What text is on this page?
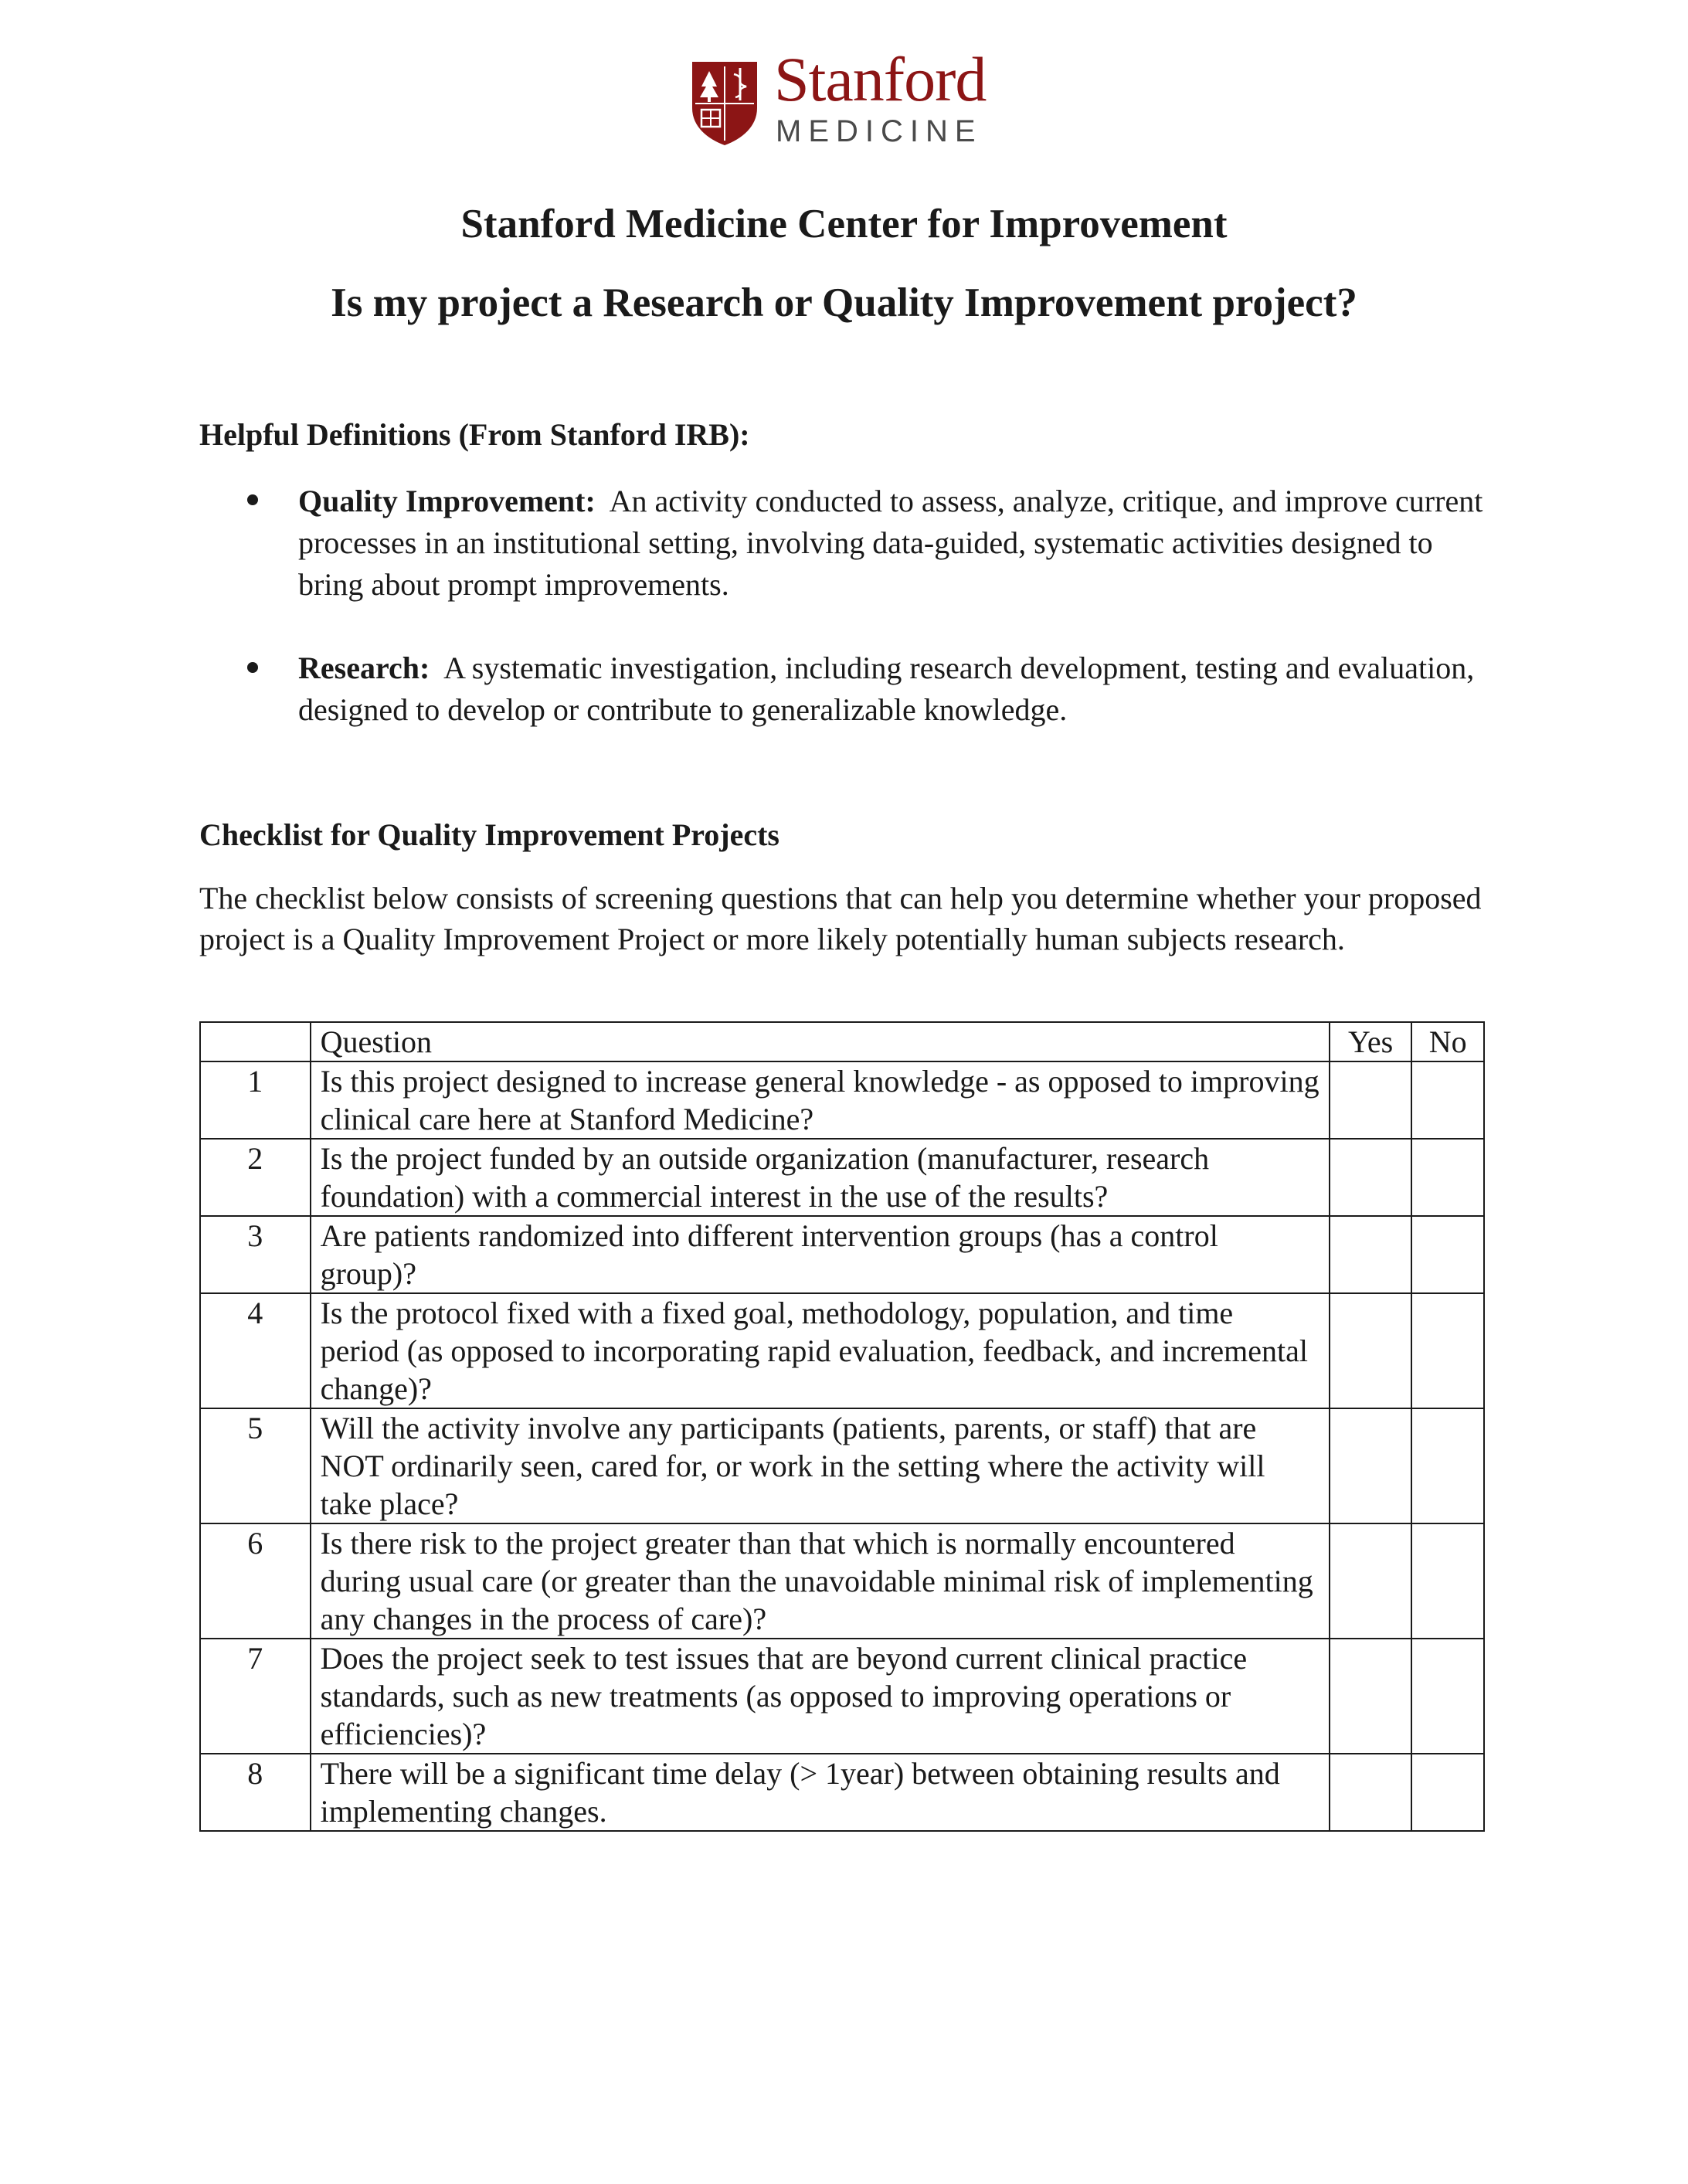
Stanford
MEDICINE
Stanford Medicine Center for Improvement
Is my project a Research or Quality Improvement project?
Helpful Definitions (From Stanford IRB):
Quality Improvement: An activity conducted to assess, analyze, critique, and improve current processes in an institutional setting, involving data-guided, systematic activities designed to bring about prompt improvements.
Research: A systematic investigation, including research development, testing and evaluation, designed to develop or contribute to generalizable knowledge.
Checklist for Quality Improvement Projects
The checklist below consists of screening questions that can help you determine whether your proposed project is a Quality Improvement Project or more likely potentially human subjects research.
	Question	Yes	No
1	Is this project designed to increase general knowledge - as opposed to improving clinical care here at Stanford Medicine?		
2	Is the project funded by an outside organization (manufacturer, research foundation) with a commercial interest in the use of the results?		
3	Are patients randomized into different intervention groups (has a control group)?		
4	Is the protocol fixed with a fixed goal, methodology, population, and time period (as opposed to incorporating rapid evaluation, feedback, and incremental change)?		
5	Will the activity involve any participants (patients, parents, or staff) that are NOT ordinarily seen, cared for, or work in the setting where the activity will take place?		
6	Is there risk to the project greater than that which is normally encountered during usual care (or greater than the unavoidable minimal risk of implementing any changes in the process of care)?		
7	Does the project seek to test issues that are beyond current clinical practice standards, such as new treatments (as opposed to improving operations or efficiencies)?		
8	There will be a significant time delay (> 1year) between obtaining results and implementing changes.		
